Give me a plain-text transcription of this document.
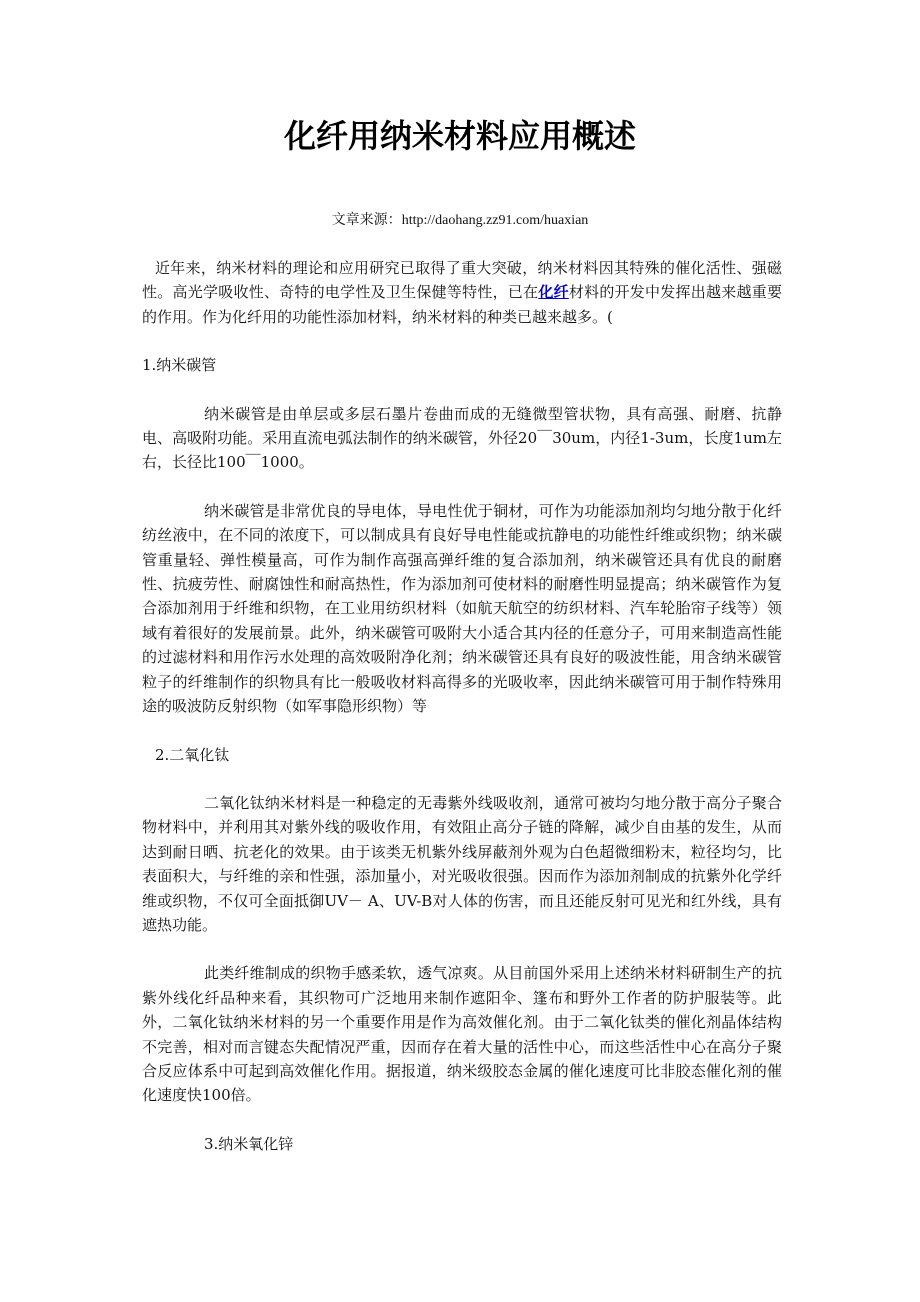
化纤用纳米材料应用概述

文章来源：http://daohang.zz91.com/huaxian

近年来，纳米材料的理论和应用研究已取得了重大突破，纳米材料因其特殊的催化活性、强磁性。高光学吸收性、奇特的电学性及卫生保健等特性，已在化纤材料的开发中发挥出越来越重要的作用。作为化纤用的功能性添加材料，纳米材料的种类已越来越多。(

1.纳米碳管

纳米碳管是由单层或多层石墨片卷曲而成的无缝微型管状物，具有高强、耐磨、抗静电、高吸附功能。采用直流电弧法制作的纳米碳管，外径20￣30um，内径1-3um，长度1um左右，长径比100￣1000。

纳米碳管是非常优良的导电体，导电性优于铜材，可作为功能添加剂均匀地分散于化纤纺丝液中，在不同的浓度下，可以制成具有良好导电性能或抗静电的功能性纤维或织物；纳米碳管重量轻、弹性模量高，可作为制作高强高弹纤维的复合添加剂，纳米碳管还具有优良的耐磨性、抗疲劳性、耐腐蚀性和耐高热性，作为添加剂可使材料的耐磨性明显提高；纳米碳管作为复合添加剂用于纤维和织物，在工业用纺织材料（如航天航空的纺织材料、汽车轮胎帘子线等）领域有着很好的发展前景。此外，纳米碳管可吸附大小适合其内径的任意分子，可用来制造高性能的过滤材料和用作污水处理的高效吸附净化剂；纳米碳管还具有良好的吸波性能，用含纳米碳管粒子的纤维制作的织物具有比一般吸收材料高得多的光吸收率，因此纳米碳管可用于制作特殊用途的吸波防反射织物（如军事隐形织物）等

2.二氧化钛

二氧化钛纳米材料是一种稳定的无毒紫外线吸收剂，通常可被均匀地分散于高分子聚合物材料中，并利用其对紫外线的吸收作用，有效阻止高分子链的降解，减少自由基的发生，从而达到耐日晒、抗老化的效果。由于该类无机紫外线屏蔽剂外观为白色超微细粉末，粒径均匀，比表面积大，与纤维的亲和性强，添加量小，对光吸收很强。因而作为添加剂制成的抗紫外化学纤维或织物，不仅可全面抵御UV－ A、UV-B对人体的伤害，而且还能反射可见光和红外线，具有遮热功能。

此类纤维制成的织物手感柔软，透气凉爽。从目前国外采用上述纳米材料研制生产的抗紫外线化纤品种来看，其织物可广泛地用来制作遮阳伞、篷布和野外工作者的防护服装等。此外，二氧化钛纳米材料的另一个重要作用是作为高效催化剂。由于二氧化钛类的催化剂晶体结构不完善，相对而言键态失配情况严重，因而存在着大量的活性中心，而这些活性中心在高分子聚合反应体系中可起到高效催化作用。据报道，纳米级胶态金属的催化速度可比非胶态催化剂的催化速度快100倍。

3.纳米氧化锌
